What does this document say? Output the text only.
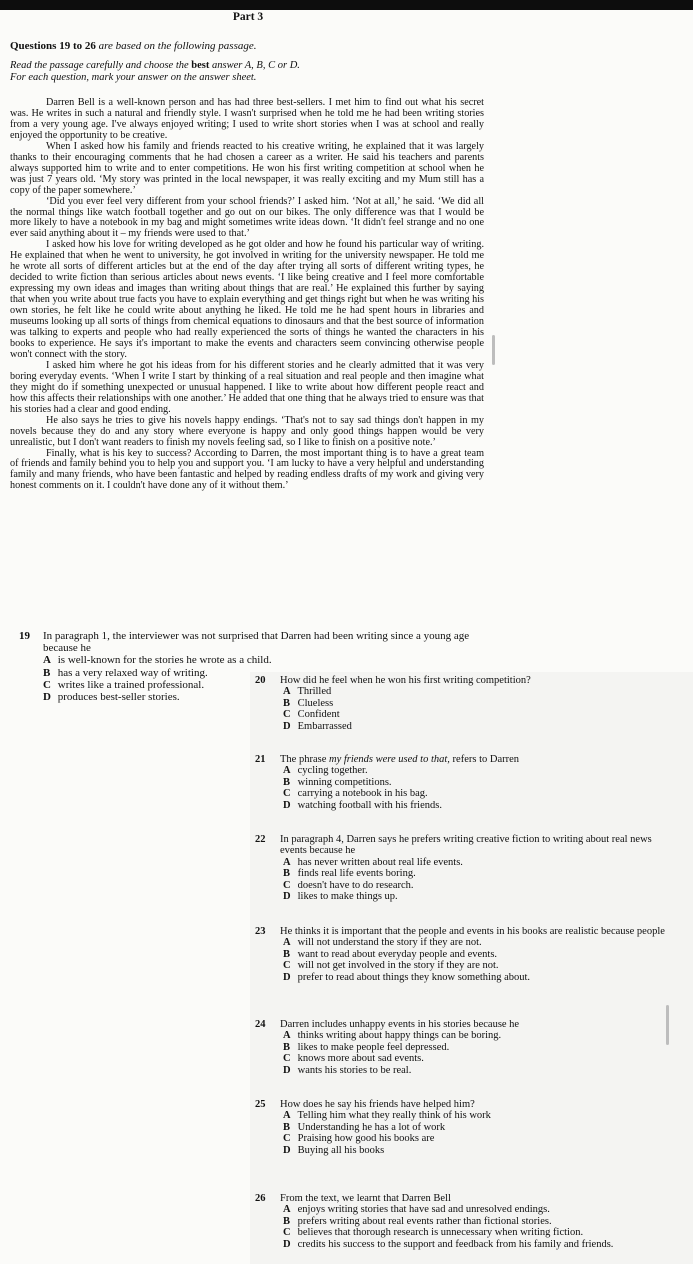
Part 3
Questions 19 to 26 are based on the following passage.
Read the passage carefully and choose the best answer A, B, C or D.
For each question, mark your answer on the answer sheet.

Darren Bell is a well-known person and has had three best-sellers. I met him to find out what his secret was. He writes in such a natural and friendly style. I wasn't surprised when he told me he had been writing stories from a very young age. I've always enjoyed writing; I used to write short stories when I was at school and really enjoyed the opportunity to be creative.

When I asked how his family and friends reacted to his creative writing, he explained that it was largely thanks to their encouraging comments that he had chosen a career as a writer. He said his teachers and parents always supported him to write and to enter competitions. He won his first writing competition at school when he was just 7 years old. ‘My story was printed in the local newspaper, it was really exciting and my Mum still has a copy of the paper somewhere.’

‘Did you ever feel very different from your school friends?’ I asked him. ‘Not at all,’ he said. ‘We did all the normal things like watch football together and go out on our bikes. The only difference was that I would be more likely to have a notebook in my bag and might sometimes write ideas down. ‘It didn't feel strange and no one ever said anything about it – my friends were used to that.’

I asked how his love for writing developed as he got older and how he found his particular way of writing. He explained that when he went to university, he got involved in writing for the university newspaper. He told me he wrote all sorts of different articles but at the end of the day after trying all sorts of different writing types, he decided to write fiction than serious articles about news events. ‘I like being creative and I feel more comfortable expressing my own ideas and images than writing about things that are real.’ He explained this further by saying that when you write about true facts you have to explain everything and get things right but when he was writing his own stories, he felt like he could write about anything he liked. He told me he had spent hours in libraries and museums looking up all sorts of things from chemical equations to dinosaurs and that the best source of information was talking to experts and people who had really experienced the sorts of things he wanted the characters in his books to experience. He says it's important to make the events and characters seem convincing otherwise people won't connect with the story.

I asked him where he got his ideas from for his different stories and he clearly admitted that it was very boring everyday events. ‘When I write I start by thinking of a real situation and real people and then imagine what they might do if something unexpected or unusual happened. I like to write about how different people react and how this affects their relationships with one another.’ He added that one thing that he always tried to ensure was that his stories had a clear and good ending.

He also says he tries to give his novels happy endings. ‘That's not to say sad things don't happen in my novels because they do and any story where everyone is happy and only good things happen would be very unrealistic, but I don't want readers to finish my novels feeling sad, so I like to finish on a positive note.’

Finally, what is his key to success? According to Darren, the most important thing is to have a great team of friends and family behind you to help you and support you. ‘I am lucky to have a very helpful and understanding family and many friends, who have been fantastic and helped by reading endless drafts of my work and giving very honest comments on it. I couldn't have done any of it without them.’

19 In paragraph 1, the interviewer was not surprised that Darren had been writing since a young age because he
A is well-known for the stories he wrote as a child.
B has a very relaxed way of writing.
C writes like a trained professional.
D produces best-seller stories.
20 How did he feel when he won his first writing competition?
A Thrilled
B Clueless
C Confident
D Embarrassed
21 The phrase my friends were used to that, refers to Darren
A cycling together.
B winning competitions.
C carrying a notebook in his bag.
D watching football with his friends.
22 In paragraph 4, Darren says he prefers writing creative fiction to writing about real news events because he
A has never written about real life events.
B finds real life events boring.
C doesn't have to do research.
D likes to make things up.
23 He thinks it is important that the people and events in his books are realistic because people
A will not understand the story if they are not.
B want to read about everyday people and events.
C will not get involved in the story if they are not.
D prefer to read about things they know something about.
24 Darren includes unhappy events in his stories because he
A thinks writing about happy things can be boring.
B likes to make people feel depressed.
C knows more about sad events.
D wants his stories to be real.
25 How does he say his friends have helped him?
A Telling him what they really think of his work
B Understanding he has a lot of work
C Praising how good his books are
D Buying all his books
26 From the text, we learnt that Darren Bell
A enjoys writing stories that have sad and unresolved endings.
B prefers writing about real events rather than fictional stories.
C believes that thorough research is unnecessary when writing fiction.
D credits his success to the support and feedback from his family and friends.
